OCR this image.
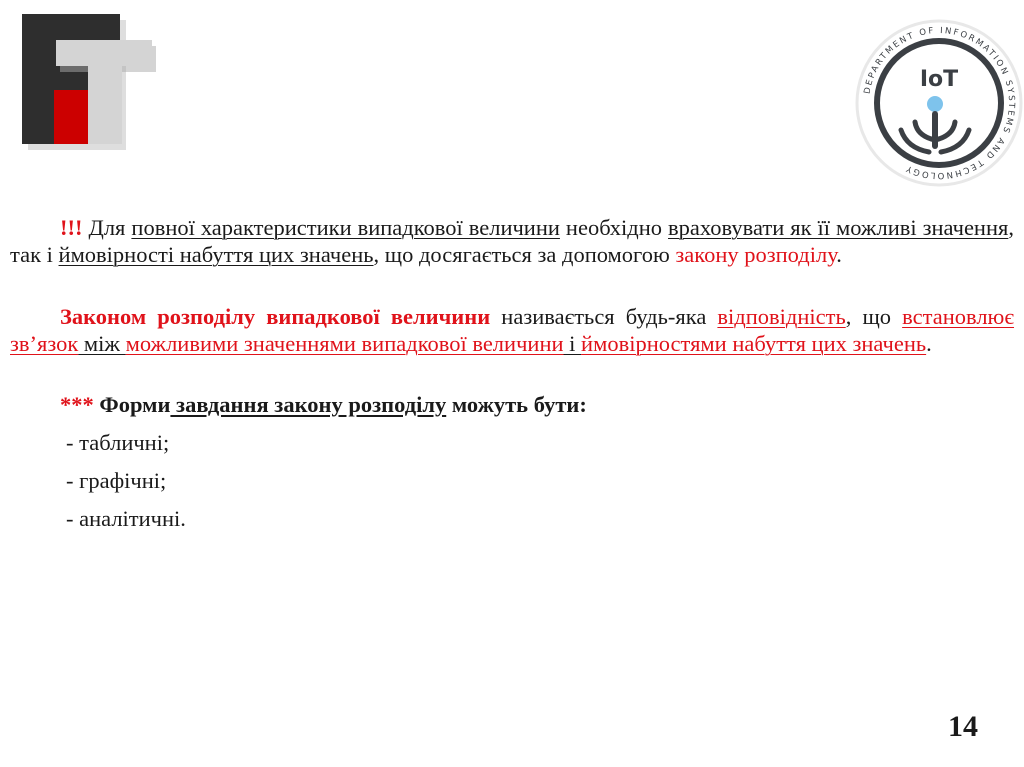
DEPARTMENT OF INFORMATION SYSTEMS AND TECHNOLOGY
IoT

!!! Для повної характеристики випадкової величини необхідно враховувати як її можливі значення, так і ймовірності набуття цих значень, що досягається за допомогою закону розподілу.

Законом розподілу випадкової величини називається будь-яка відповідність, що встановлює зв’язок між можливими значеннями випадкової величини і ймовірностями набуття цих значень.

*** Форми завдання закону розподілу можуть бути:

- табличні;
- графічні;
- аналітичні.
14
